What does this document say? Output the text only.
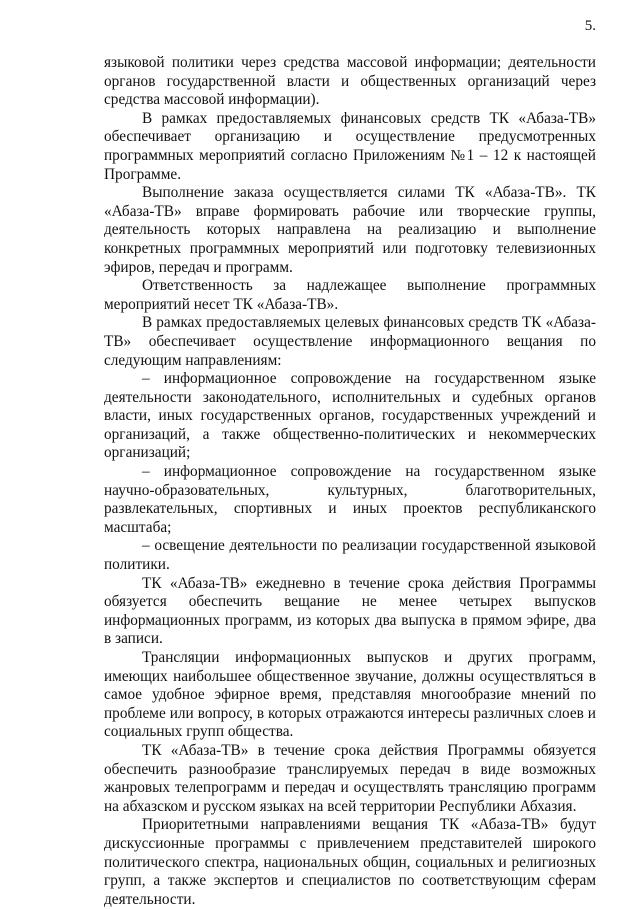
5.

языковой политики через средства массовой информации; деятельности органов государственной власти и общественных организаций через средства массовой информации).

В рамках предоставляемых финансовых средств ТК «Абаза-ТВ» обеспечивает организацию и осуществление предусмотренных программных мероприятий согласно Приложениям №1 – 12 к настоящей Программе.

Выполнение заказа осуществляется силами ТК «Абаза-ТВ». ТК «Абаза-ТВ» вправе формировать рабочие или творческие группы, деятельность которых направлена на реализацию и выполнение конкретных программных мероприятий или подготовку телевизионных эфиров, передач и программ.

Ответственность за надлежащее выполнение программных мероприятий несет ТК «Абаза-ТВ».

В рамках предоставляемых целевых финансовых средств ТК «Абаза-ТВ» обеспечивает осуществление информационного вещания по следующим направлениям:

– информационное сопровождение на государственном языке деятельности законодательного, исполнительных и судебных органов власти, иных государственных органов, государственных учреждений и организаций, а также общественно-политических и некоммерческих организаций;

– информационное сопровождение на государственном языке научно-образовательных, культурных, благотворительных, развлекательных, спортивных и иных проектов республиканского масштаба;

– освещение деятельности по реализации государственной языковой политики.

ТК «Абаза-ТВ» ежедневно в течение срока действия Программы обязуется обеспечить вещание не менее четырех выпусков информационных программ, из которых два выпуска в прямом эфире, два в записи.

Трансляции информационных выпусков и других программ, имеющих наибольшее общественное звучание, должны осуществляться в самое удобное эфирное время, представляя многообразие мнений по проблеме или вопросу, в которых отражаются интересы различных слоев и социальных групп общества.

ТК «Абаза-ТВ» в течение срока действия Программы обязуется обеспечить разнообразие транслируемых передач в виде возможных жанровых телепрограмм и передач и осуществлять трансляцию программ на абхазском и русском языках на всей территории Республики Абхазия.

Приоритетными направлениями вещания ТК «Абаза-ТВ» будут дискуссионные программы с привлечением представителей широкого политического спектра, национальных общин, социальных и религиозных групп, а также экспертов и специалистов по соответствующим сферам деятельности.
